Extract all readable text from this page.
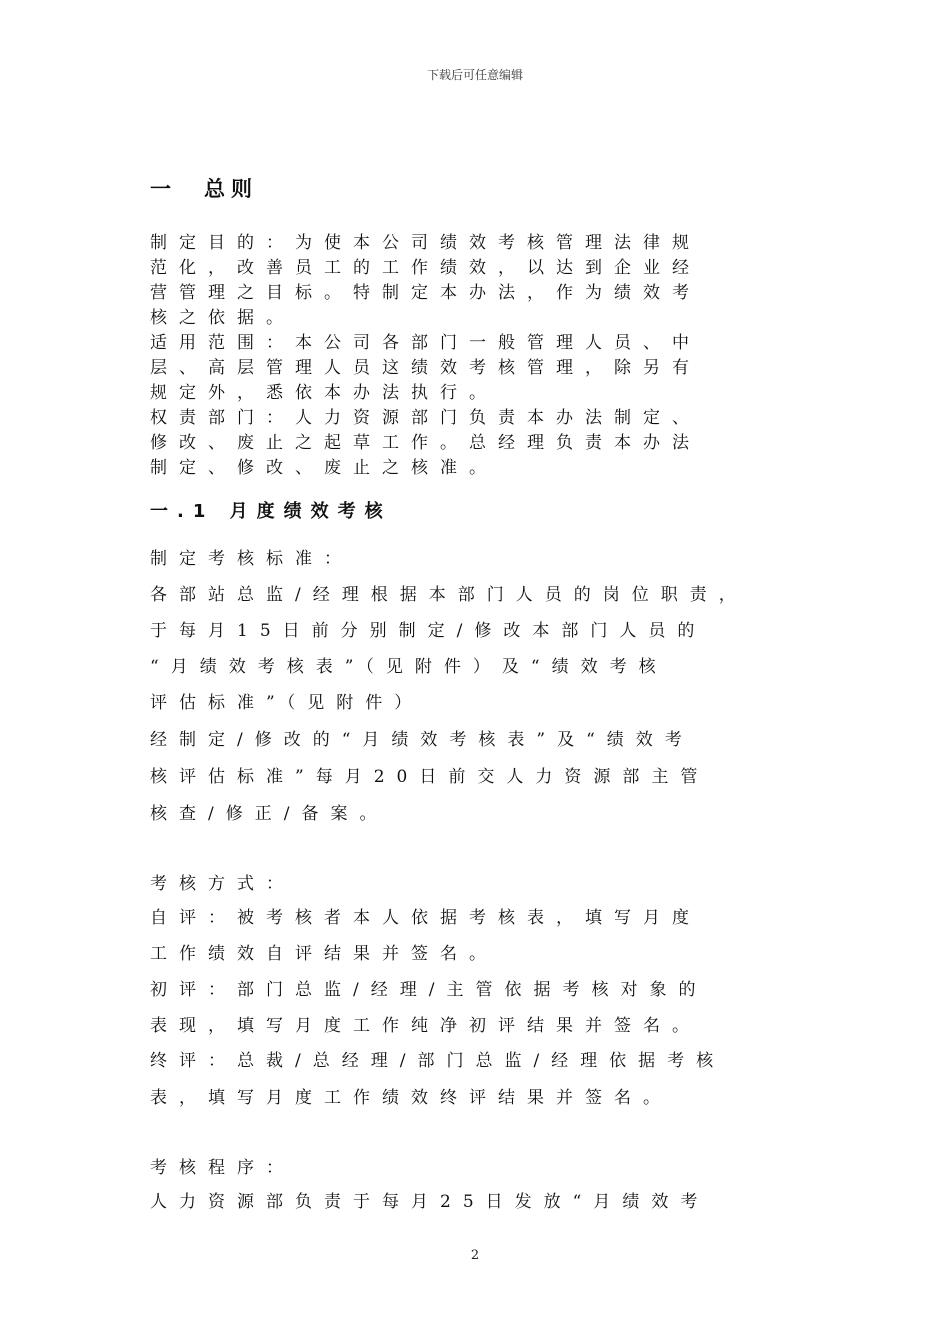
下载后可任意编辑
一　总则
制定目的：为使本公司绩效考核管理法律规
范化，改善员工的工作绩效，以达到企业经
营管理之目标。特制定本办法，作为绩效考
核之依据。
适用范围：本公司各部门一般管理人员、中
层、高层管理人员这绩效考核管理，除另有
规定外，悉依本办法执行。
权责部门：人力资源部门负责本办法制定、
修改、废止之起草工作。总经理负责本办法
制定、修改、废止之核准。
一.1 月度绩效考核
制定考核标准：
各部站总监/经理根据本部门人员的岗位职责，
于每月15日前分别制定/修改本部门人员的
“月绩效考核表”（见附件）及“绩效考核
评估标准”（见附件）
经制定/修改的“月绩效考核表”及“绩效考
核评估标准”每月20日前交人力资源部主管
核查/修正/备案。
考核方式：
自评：被考核者本人依据考核表，填写月度
工作绩效自评结果并签名。
初评：部门总监/经理/主管依据考核对象的
表现，填写月度工作纯净初评结果并签名。
终评：总裁/总经理/部门总监/经理依据考核
表，填写月度工作绩效终评结果并签名。
考核程序：
人力资源部负责于每月25日发放“月绩效考
2
